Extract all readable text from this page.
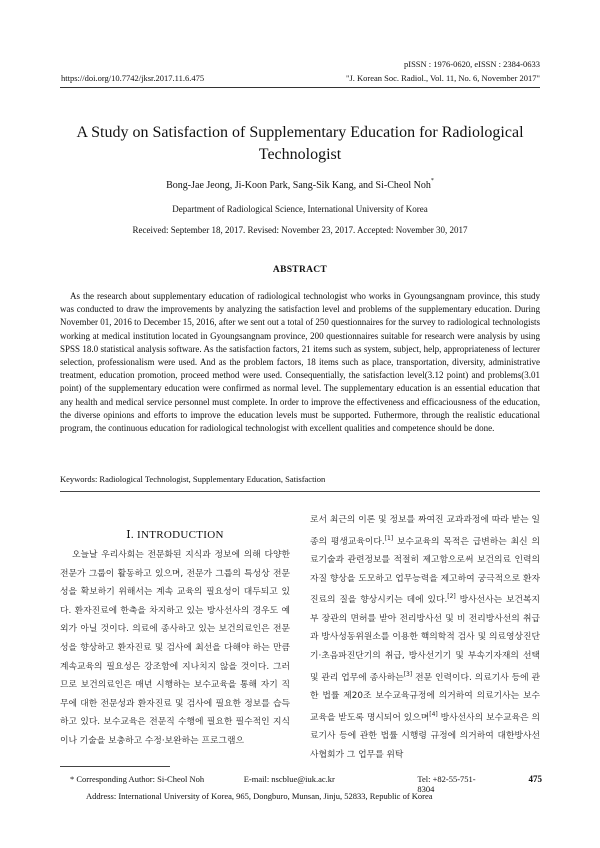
pISSN : 1976-0620, eISSN : 2384-0633
https://doi.org/10.7742/jksr.2017.11.6.475	"J. Korean Soc. Radiol., Vol. 11, No. 6, November 2017"
A Study on Satisfaction of Supplementary Education for Radiological
Technologist
Bong-Jae Jeong, Ji-Koon Park, Sang-Sik Kang, and Si-Cheol Noh*
Department of Radiological Science, International University of Korea
Received: September 18, 2017. Revised: November 23, 2017. Accepted: November 30, 2017
ABSTRACT
As the research about supplementary education of radiological technologist who works in Gyoungsangnam province, this study was conducted to draw the improvements by analyzing the satisfaction level and problems of the supplementary education. During November 01, 2016 to December 15, 2016, after we sent out a total of 250 questionnaires for the survey to radiological technologists working at medical institution located in Gyoungsangnam province, 200 questionnaires suitable for research were analysis by using SPSS 18.0 statistical analysis software. As the satisfaction factors, 21 items such as system, subject, help, appropriateness of lecturer selection, professionalism were used. And as the problem factors, 18 items such as place, transportation, diversity, administrative treatment, education promotion, proceed method were used. Consequentially, the satisfaction level(3.12 point) and problems(3.01 point) of the supplementary education were confirmed as normal level. The supplementary education is an essential education that any health and medical service personnel must complete. In order to improve the effectiveness and efficaciousness of the education, the diverse opinions and efforts to improve the education levels must be supported. Futhermore, through the realistic educational program, the continuous education for radiological technologist with excellent qualities and competence should be done.
Keywords: Radiological Technologist, Supplementary Education, Satisfaction
Ⅰ. INTRODUCTION
오늘날 우리사회는 전문화된 지식과 정보에 의해 다양한 전문가 그룹이 활동하고 있으며, 전문가 그룹의 특성상 전문성을 확보하기 위해서는 계속 교육의 필요성이 대두되고 있다. 환자진료에 한축을 차지하고 있는 방사선사의 경우도 예외가 아닐 것이다. 의료에 종사하고 있는 보건의료인은 전문성을 향상하고 환자진료 및 검사에 최선을 다해야 하는 만큼 계속교육의 필요성은 강조함에 지나치지 않을 것이다. 그러므로 보건의료인은 매년 시행하는 보수교육을 통해 자기 직무에 대한 전문성과 환자진료 및 검사에 필요한 정보를 습득하고 있다. 보수교육은 전문직 수행에 필요한 필수적인 지식이나 기술을 보충하고 수정·보완하는 프로그램으
로서 최근의 이론 및 정보를 짜여진 교과과정에 따라 받는 일종의 평생교육이다.[1] 보수교육의 목적은 급변하는 최신 의료기술과 관련정보를 적절히 제고함으로써 보건의료 인력의 자질 향상을 도모하고 업무능력을 제고하여 궁극적으로 환자진료의 질을 향상시키는 데에 있다.[2] 방사선사는 보건복지부 장관의 면허를 받아 전리방사선 및 비 전리방사선의 취급과 방사성동위원소를 이용한 핵의학적 검사 및 의료영상진단기·초음파진단기의 취급, 방사선기기 및 부속기자재의 선택 및 관리 업무에 종사하는[3] 전문 인력이다. 의료기사 등에 관한 법률 제20조 보수교육규정에 의거하여 의료기사는 보수교육을 받도록 명시되어 있으며[4] 방사선사의 보수교육은 의료기사 등에 관한 법률 시행령 규정에 의거하여 대한방사선사협회가 그 업무를 위탁
* Corresponding Author: Si-Cheol Noh	E-mail: nscblue@iuk.ac.kr	Tel: +82-55-751-8304
475
Address: International University of Korea, 965, Dongburo, Munsan, Jinju, 52833, Republic of Korea
